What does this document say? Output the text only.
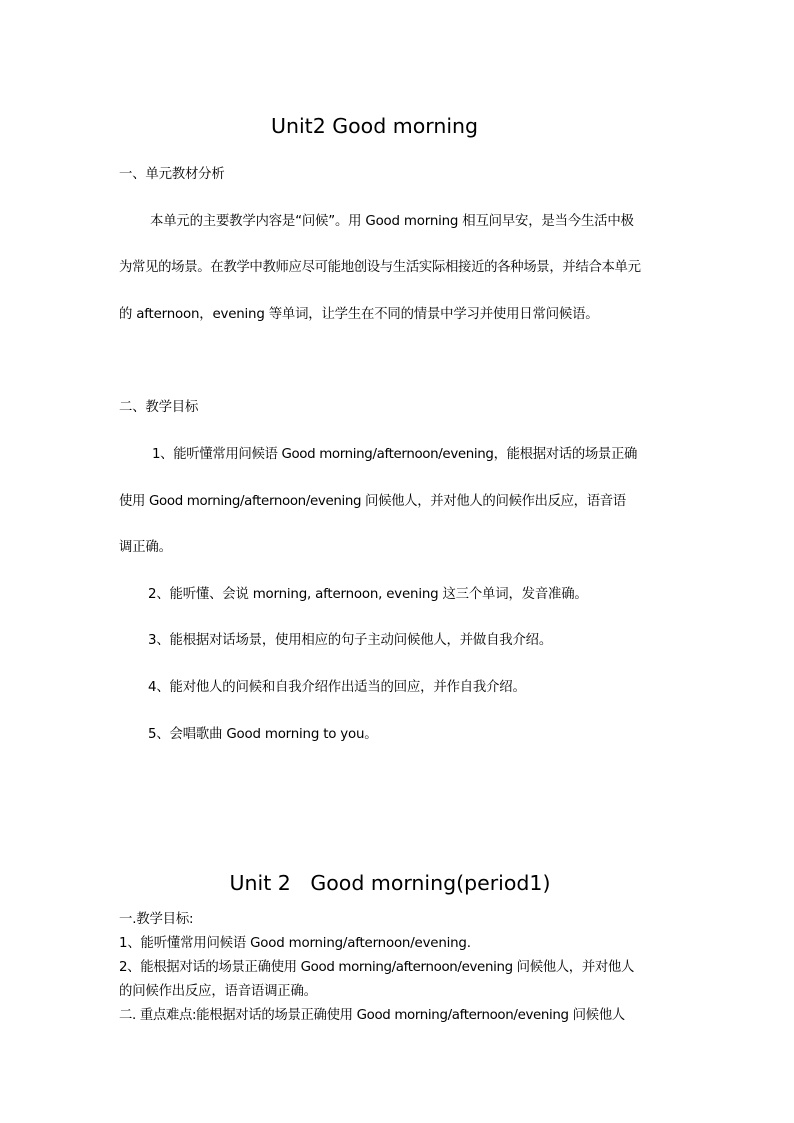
Unit2 Good morning
一、单元教材分析
本单元的主要教学内容是“问候”。用 Good morning 相互问早安，是当今生活中极
为常见的场景。在教学中教师应尽可能地创设与生活实际相接近的各种场景，并结合本单元
的 afternoon，evening 等单词，让学生在不同的情景中学习并使用日常问候语。
二、教学目标
1、能听懂常用问候语 Good morning/afternoon/evening，能根据对话的场景正确
使用 Good morning/afternoon/evening 问候他人，并对他人的问候作出反应，语音语
调正确。
2、能听懂、会说 morning, afternoon, evening 这三个单词，发音准确。
3、能根据对话场景，使用相应的句子主动问候他人，并做自我介绍。
4、能对他人的问候和自我介绍作出适当的回应，并作自我介绍。
5、会唱歌曲 Good morning to you。
Unit 2   Good morning(period1)
一.教学目标:
1、能听懂常用问候语 Good morning/afternoon/evening.
2、能根据对话的场景正确使用 Good morning/afternoon/evening 问候他人，并对他人
的问候作出反应，语音语调正确。
二. 重点难点:能根据对话的场景正确使用 Good morning/afternoon/evening 问候他人
